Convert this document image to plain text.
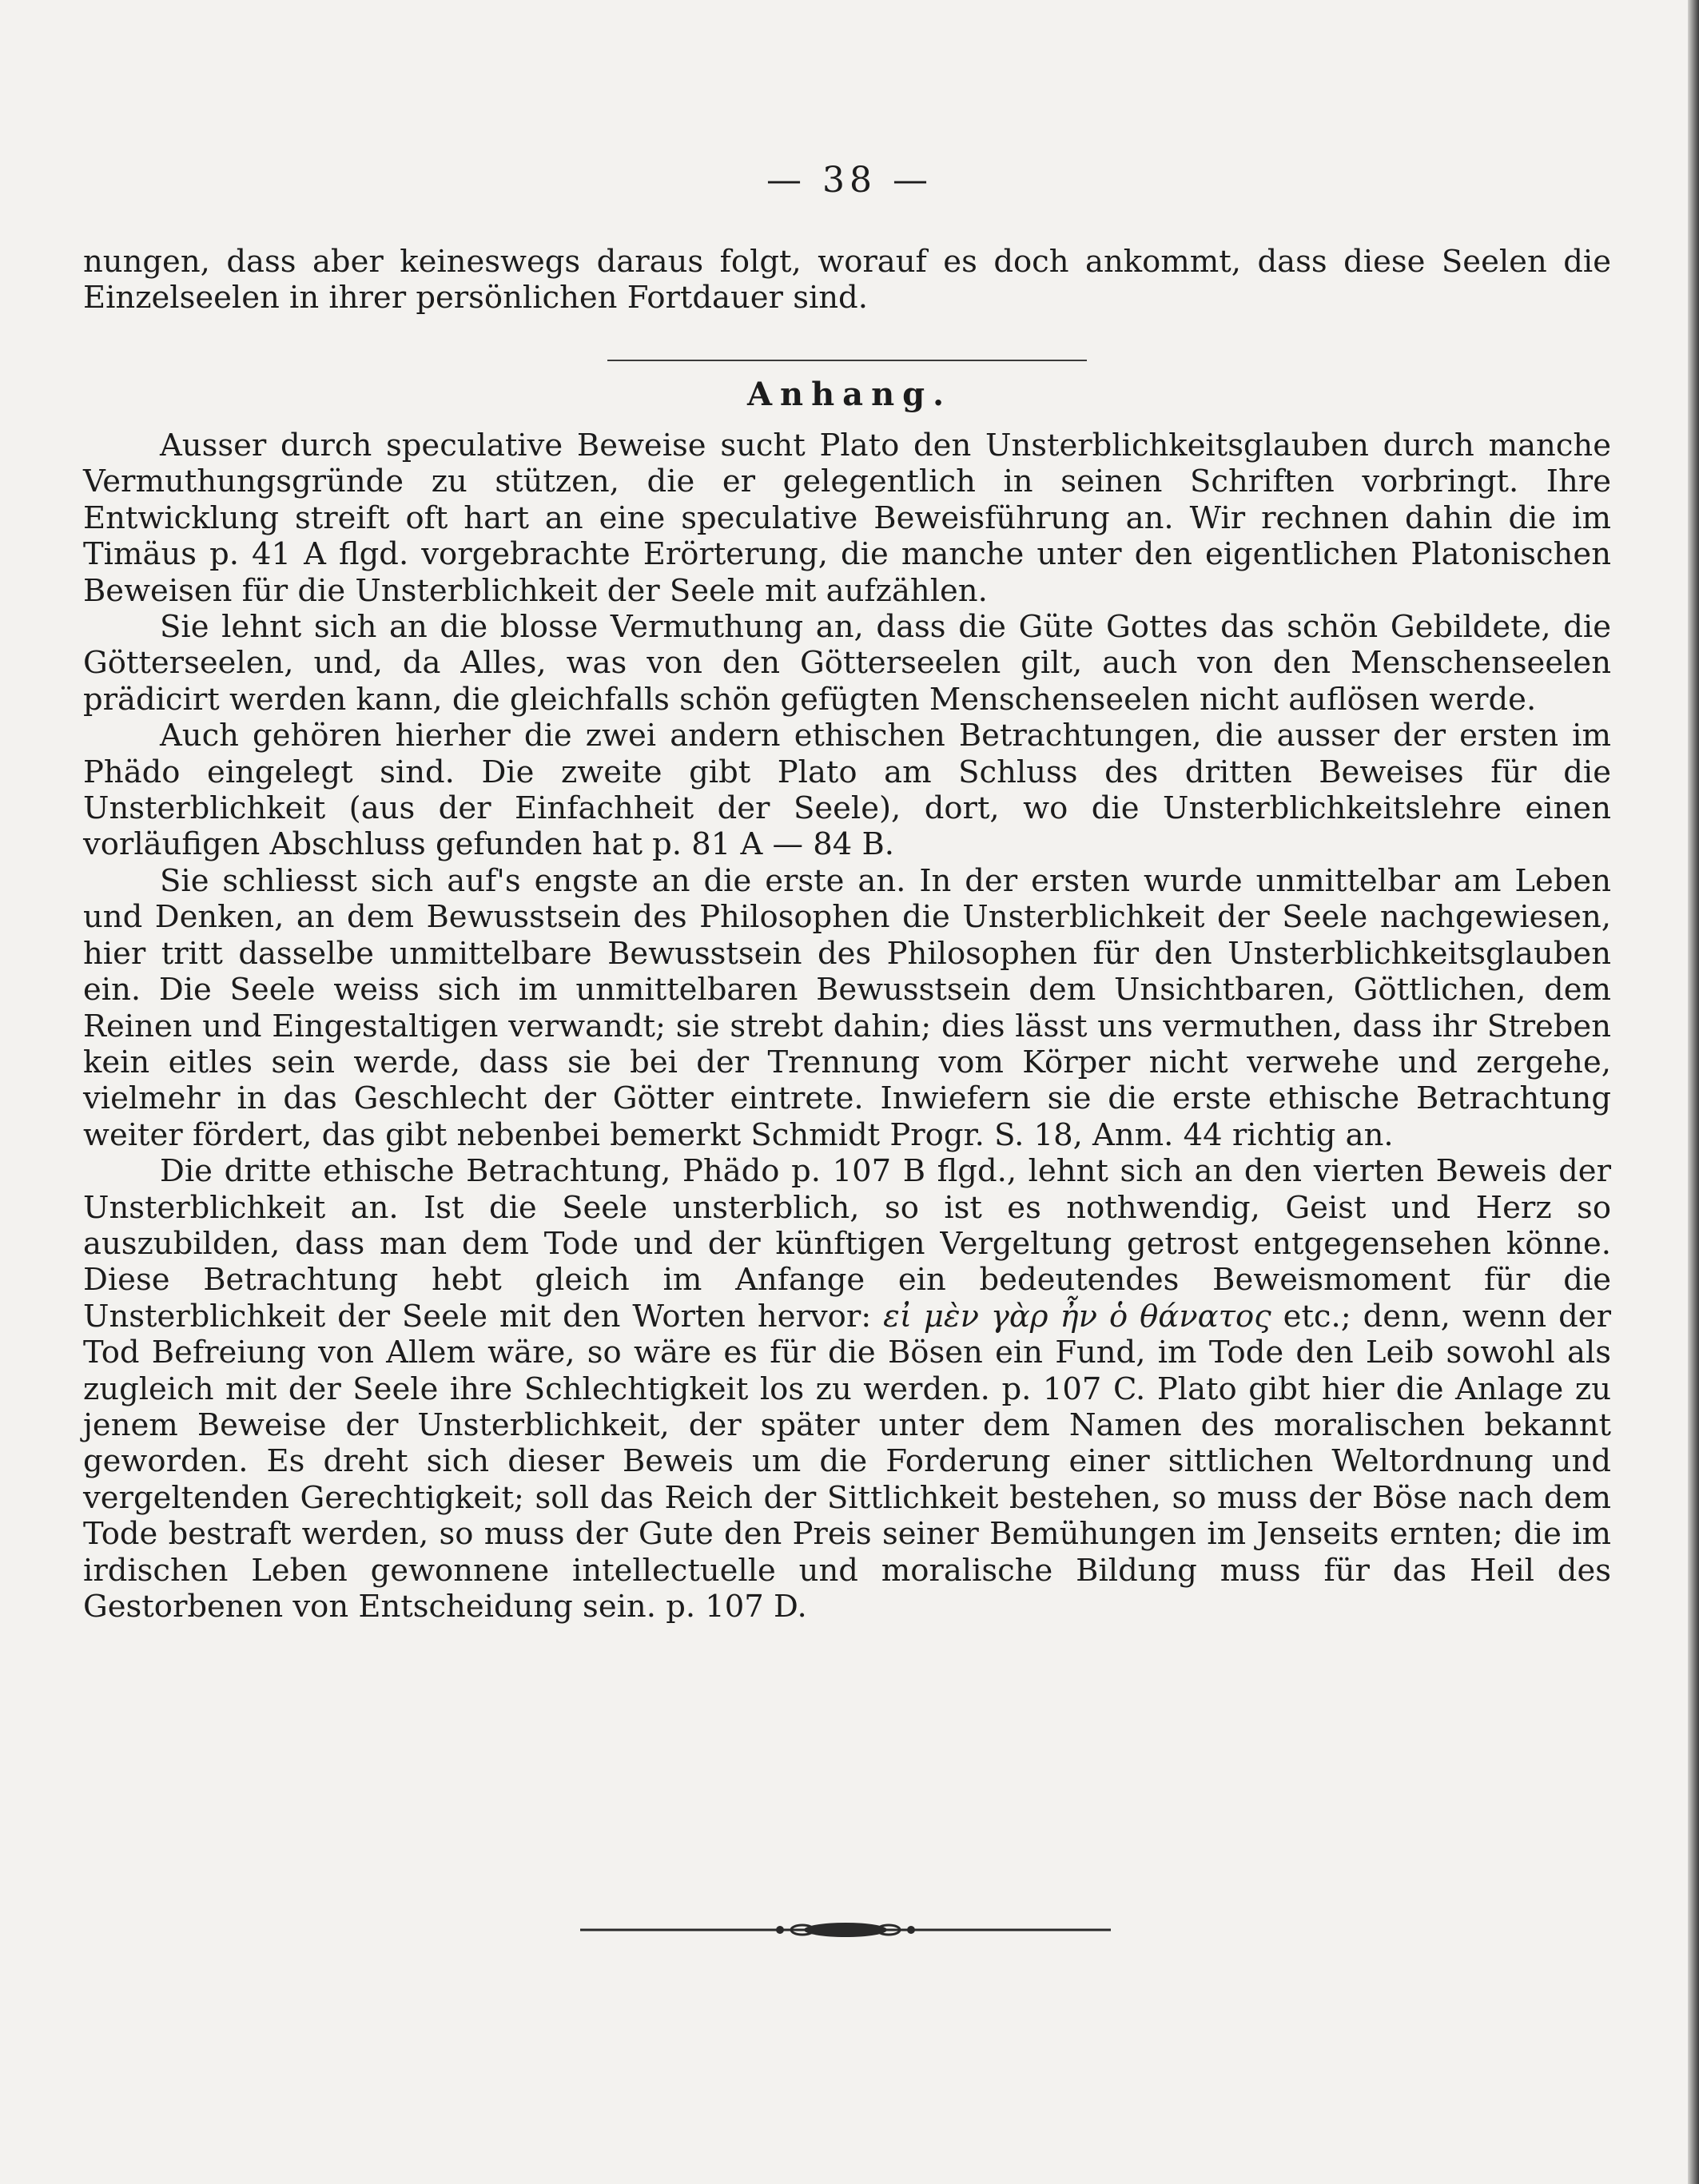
— 38 —

nungen, dass aber keineswegs daraus folgt, worauf es doch ankommt, dass diese Seelen die Einzelseelen in ihrer persönlichen Fortdauer sind.

Anhang.

Ausser durch speculative Beweise sucht Plato den Unsterblichkeitsglauben durch manche Vermuthungsgründe zu stützen, die er gelegentlich in seinen Schriften vorbringt. Ihre Entwicklung streift oft hart an eine speculative Beweisführung an. Wir rechnen dahin die im Timäus p. 41 A flgd. vorgebrachte Erörterung, die manche unter den eigentlichen Platonischen Beweisen für die Unsterblichkeit der Seele mit aufzählen.

Sie lehnt sich an die blosse Vermuthung an, dass die Güte Gottes das schön Gebildete, die Götterseelen, und, da Alles, was von den Götterseelen gilt, auch von den Menschenseelen prädicirt werden kann, die gleichfalls schön gefügten Menschenseelen nicht auflösen werde.

Auch gehören hierher die zwei andern ethischen Betrachtungen, die ausser der ersten im Phädo eingelegt sind. Die zweite gibt Plato am Schluss des dritten Beweises für die Unsterblichkeit (aus der Einfachheit der Seele), dort, wo die Unsterblichkeitslehre einen vorläufigen Abschluss gefunden hat p. 81 A — 84 B.

Sie schliesst sich auf's engste an die erste an. In der ersten wurde unmittelbar am Leben und Denken, an dem Bewusstsein des Philosophen die Unsterblichkeit der Seele nachgewiesen, hier tritt dasselbe unmittelbare Bewusstsein des Philosophen für den Unsterblichkeitsglauben ein. Die Seele weiss sich im unmittelbaren Bewusstsein dem Unsichtbaren, Göttlichen, dem Reinen und Eingestaltigen verwandt; sie strebt dahin; dies lässt uns vermuthen, dass ihr Streben kein eitles sein werde, dass sie bei der Trennung vom Körper nicht verwehe und zergehe, vielmehr in das Geschlecht der Götter eintrete. Inwiefern sie die erste ethische Betrachtung weiter fördert, das gibt nebenbei bemerkt Schmidt Progr. S. 18, Anm. 44 richtig an.

Die dritte ethische Betrachtung, Phädo p. 107 B flgd., lehnt sich an den vierten Beweis der Unsterblichkeit an. Ist die Seele unsterblich, so ist es nothwendig, Geist und Herz so auszubilden, dass man dem Tode und der künftigen Vergeltung getrost entgegensehen könne. Diese Betrachtung hebt gleich im Anfange ein bedeutendes Beweismoment für die Unsterblichkeit der Seele mit den Worten hervor: εἰ μὲν γὰρ ἦν ὁ θάνατος etc.; denn, wenn der Tod Befreiung von Allem wäre, so wäre es für die Bösen ein Fund, im Tode den Leib sowohl als zugleich mit der Seele ihre Schlechtigkeit los zu werden. p. 107 C. Plato gibt hier die Anlage zu jenem Beweise der Unsterblichkeit, der später unter dem Namen des moralischen bekannt geworden. Es dreht sich dieser Beweis um die Forderung einer sittlichen Weltordnung und vergeltenden Gerechtigkeit; soll das Reich der Sittlichkeit bestehen, so muss der Böse nach dem Tode bestraft werden, so muss der Gute den Preis seiner Bemühungen im Jenseits ernten; die im irdischen Leben gewonnene intellectuelle und moralische Bildung muss für das Heil des Gestorbenen von Entscheidung sein. p. 107 D.
